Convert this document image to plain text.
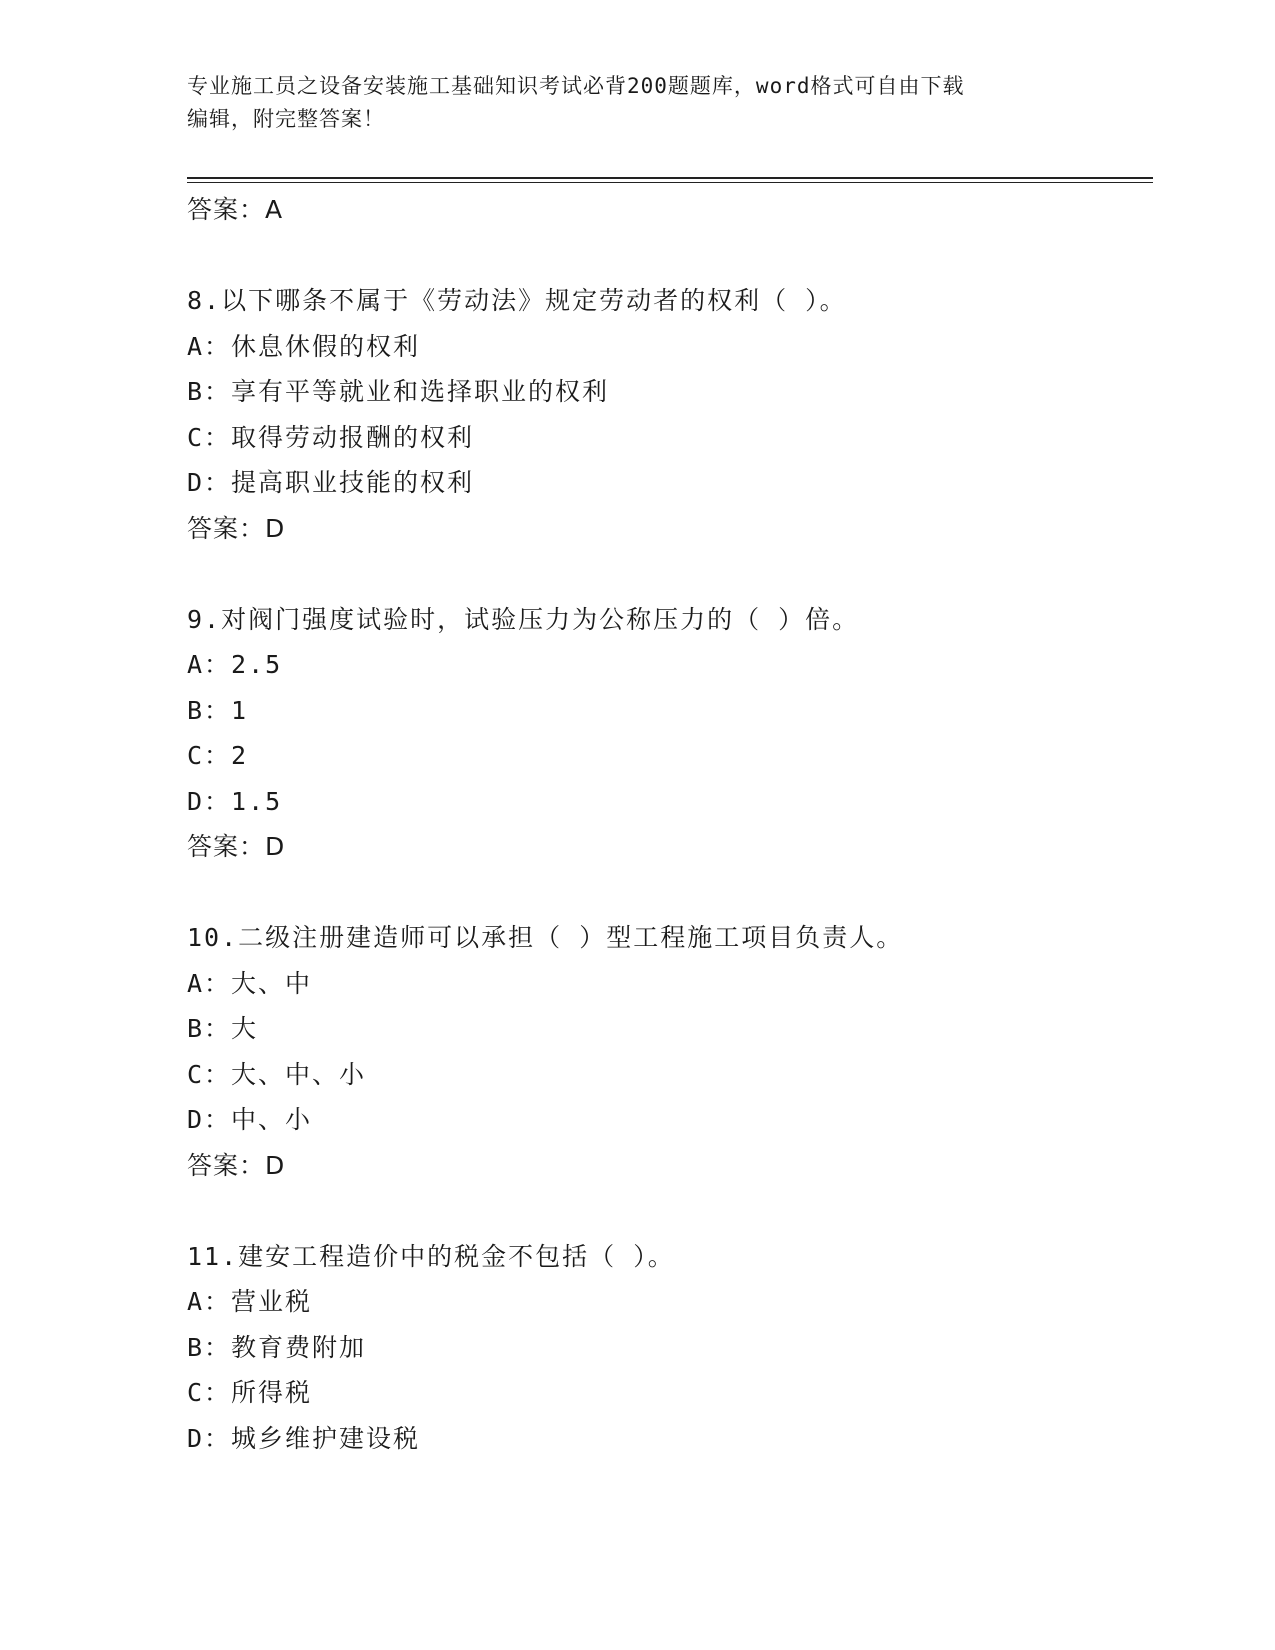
专业施工员之设备安装施工基础知识考试必背200题题库，word格式可自由下载
编辑，附完整答案！
答案：A
8.以下哪条不属于《劳动法》规定劳动者的权利（ ）。
A：休息休假的权利
B：享有平等就业和选择职业的权利
C：取得劳动报酬的权利
D：提高职业技能的权利
答案：D
9.对阀门强度试验时，试验压力为公称压力的（ ）倍。
A：2.5
B：1
C：2
D：1.5
答案：D
10.二级注册建造师可以承担（ ）型工程施工项目负责人。
A：大、中
B：大
C：大、中、小
D：中、小
答案：D
11.建安工程造价中的税金不包括（ ）。
A：营业税
B：教育费附加
C：所得税
D：城乡维护建设税
